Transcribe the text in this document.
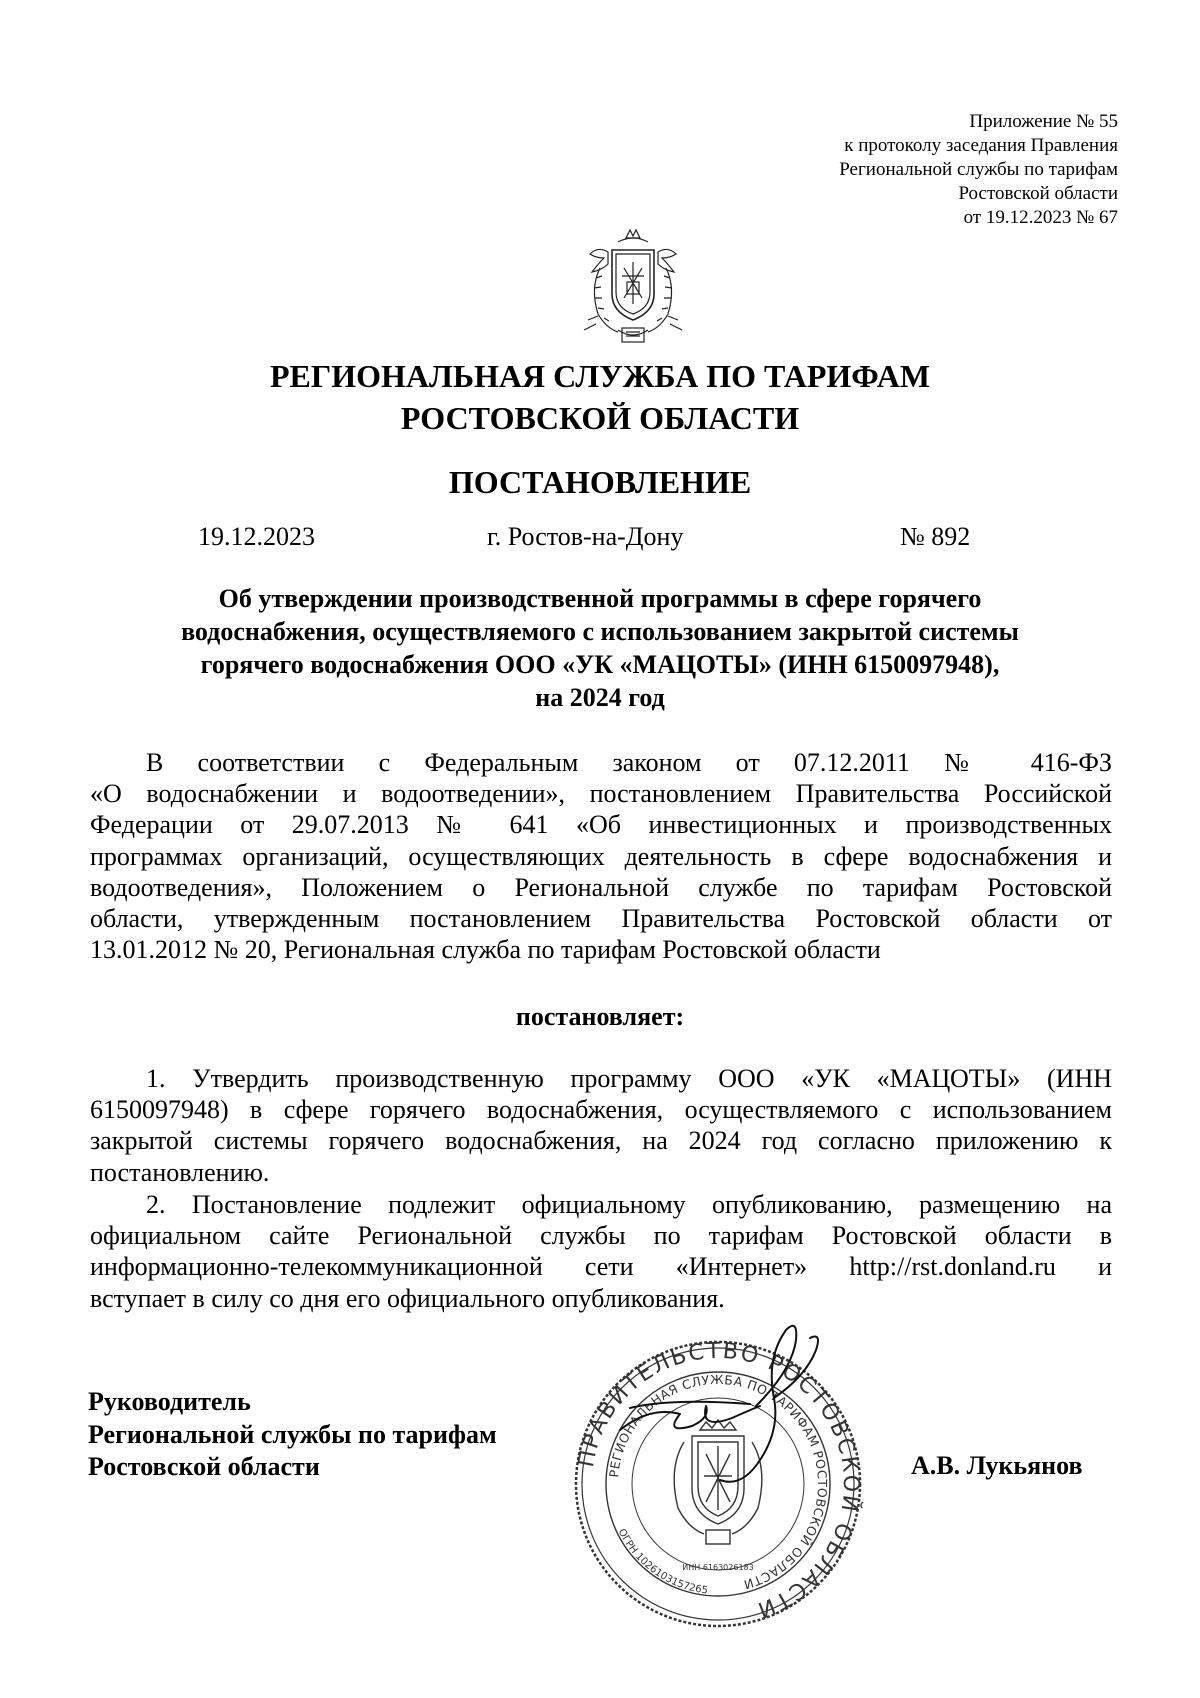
Приложение № 55
к протоколу заседания Правления
Региональной службы по тарифам
Ростовской области
от 19.12.2023 № 67
РЕГИОНАЛЬНАЯ СЛУЖБА ПО ТАРИФАМ
РОСТОВСКОЙ ОБЛАСТИ
ПОСТАНОВЛЕНИЕ
19.12.2023	г. Ростов-на-Дону	№ 892
Об утверждении производственной программы в сфере горячего
водоснабжения, осуществляемого с использованием закрытой системы
горячего водоснабжения ООО «УК «МАЦОТЫ» (ИНН 6150097948),
на 2024 год
В соответствии с Федеральным законом от 07.12.2011 № 416-ФЗ
«О водоснабжении и водоотведении», постановлением Правительства Российской
Федерации от 29.07.2013 № 641 «Об инвестиционных и производственных
программах организаций, осуществляющих деятельность в сфере водоснабжения и
водоотведения», Положением о Региональной службе по тарифам Ростовской
области, утвержденным постановлением Правительства Ростовской области от
13.01.2012 № 20, Региональная служба по тарифам Ростовской области
постановляет:
1. Утвердить производственную программу ООО «УК «МАЦОТЫ» (ИНН
6150097948) в сфере горячего водоснабжения, осуществляемого с использованием
закрытой системы горячего водоснабжения, на 2024 год согласно приложению к
постановлению.
2. Постановление подлежит официальному опубликованию, размещению на
официальном сайте Региональной службы по тарифам Ростовской области в
информационно-телекоммуникационной сети «Интернет» http://rst.donland.ru и
вступает в силу со дня его официального опубликования.
Руководитель
Региональной службы по тарифам
Ростовской области	ПРАВИТЕЛЬСТВО РОСТОВСКОЙ ОБЛАСТИ
РЕГИОНАЛЬНАЯ СЛУЖБА ПО ТАРИФАМ РОСТОВСКОЙ ОБЛАСТИ
ОГРН 1026103157265
ИНН 6163026183
А.В. Лукьянов
